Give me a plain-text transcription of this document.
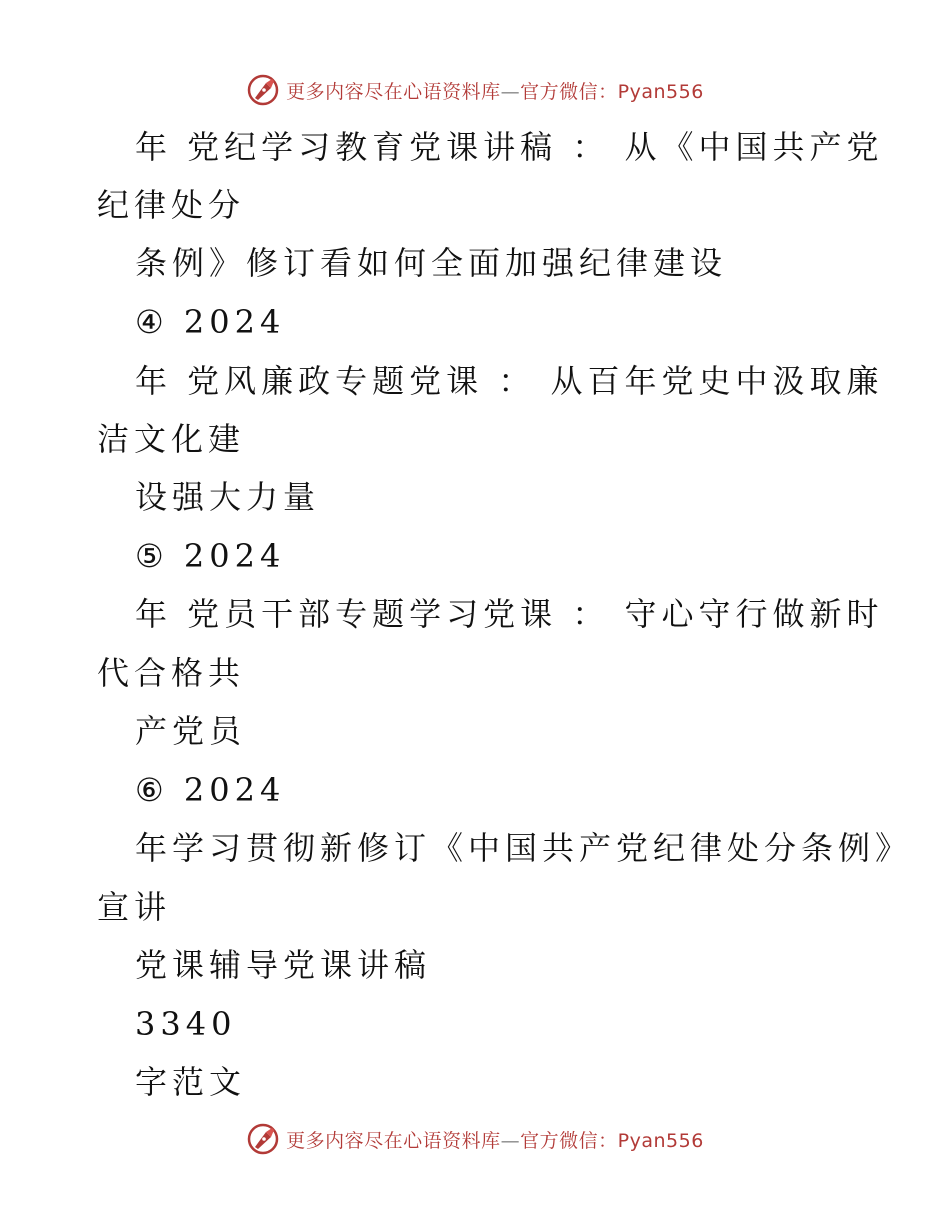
更多内容尽在心语资料库—官方微信：Pyan556
年 党纪学习教育党课讲稿 ： 从《中国共产党
纪律处分
条例》修订看如何全面加强纪律建设
④ 2024
年 党风廉政专题党课 ： 从百年党史中汲取廉
洁文化建
设强大力量
⑤ 2024
年 党员干部专题学习党课 ： 守心守行做新时
代合格共
产党员
⑥ 2024
年学习贯彻新修订《中国共产党纪律处分条例》
宣讲
党课辅导党课讲稿
3340
字范文
更多内容尽在心语资料库—官方微信：Pyan556
